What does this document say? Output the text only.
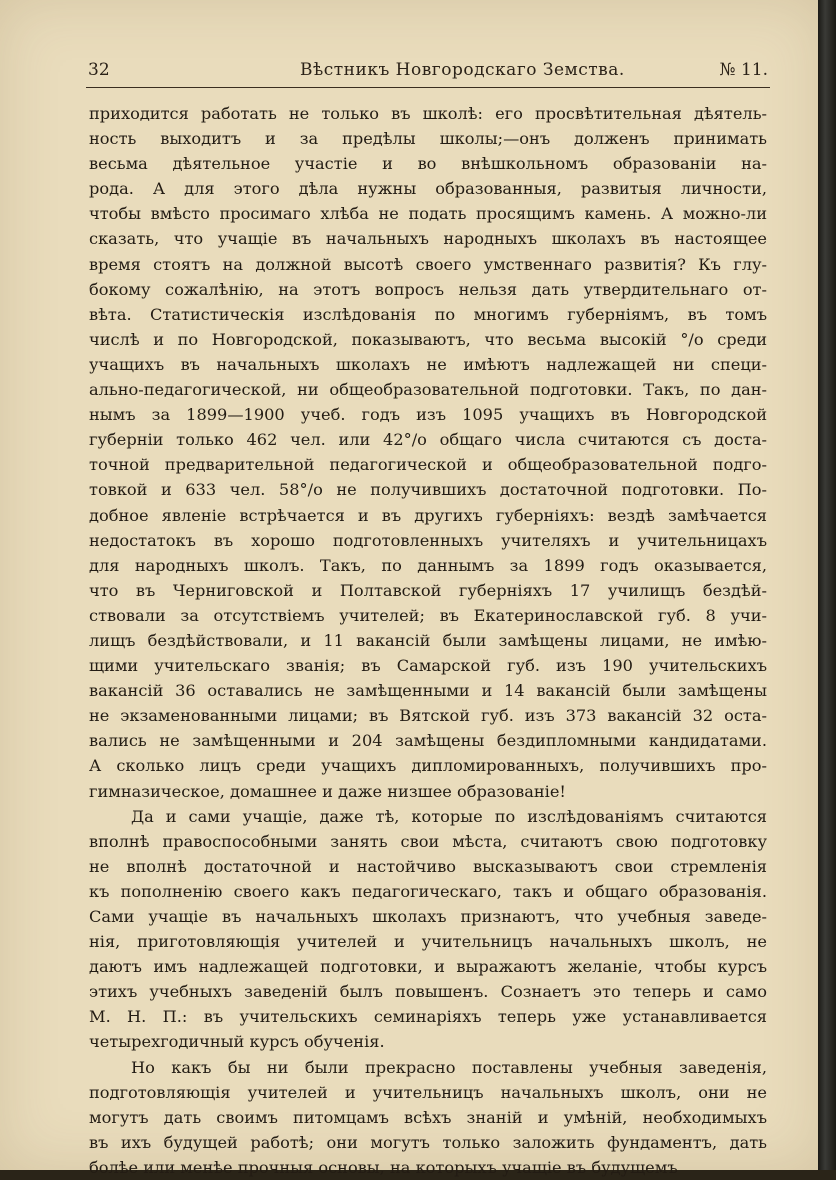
32	Вѣстникъ Новгородскаго Земства.	№ 11.
приходится работать не только въ школѣ: его просвѣтительная дѣятель-
ность выходитъ и за предѣлы школы;—онъ долженъ принимать
весьма дѣятельное участіе и во внѣшкольномъ образованіи на-
рода. А для этого дѣла нужны образованныя, развитыя личности,
чтобы вмѣсто просимаго хлѣба не подать просящимъ камень. А можно-ли
сказать, что учащіе въ начальныхъ народныхъ школахъ въ настоящее
время стоятъ на должной высотѣ своего умственнаго развитія? Къ глу-
бокому сожалѣнію, на этотъ вопросъ нельзя дать утвердительнаго от-
вѣта. Статистическія изслѣдованія по многимъ губерніямъ, въ томъ
числѣ и по Новгородской, показываютъ, что весьма высокій °/о среди
учащихъ въ начальныхъ школахъ не имѣютъ надлежащей ни специ-
ально-педагогической, ни общеобразовательной подготовки. Такъ, по дан-
нымъ за 1899—1900 учеб. годъ изъ 1095 учащихъ въ Новгородской
губерніи только 462 чел. или 42°/о общаго числа считаются съ доста-
точной предварительной педагогической и общеобразовательной подго-
товкой и 633 чел. 58°/о не получившихъ достаточной подготовки. По-
добное явленіе встрѣчается и въ другихъ губерніяхъ: вездѣ замѣчается
недостатокъ въ хорошо подготовленныхъ учителяхъ и учительницахъ
для народныхъ школъ. Такъ, по даннымъ за 1899 годъ оказывается,
что въ Черниговской и Полтавской губерніяхъ 17 училищъ бездѣй-
ствовали за отсутствіемъ учителей; въ Екатеринославской губ. 8 учи-
лищъ бездѣйствовали, и 11 вакансій были замѣщены лицами, не имѣю-
щими учительскаго званія; въ Самарской губ. изъ 190 учительскихъ
вакансій 36 оставались не замѣщенными и 14 вакансій были замѣщены
не экзаменованными лицами; въ Вятской губ. изъ 373 вакансій 32 оста-
вались не замѣщенными и 204 замѣщены бездипломными кандидатами.
А сколько лицъ среди учащихъ дипломированныхъ, получившихъ про-
гимназическое, домашнее и даже низшее образованіе!
Да и сами учащіе, даже тѣ, которые по изслѣдованіямъ считаются
вполнѣ правоспособными занять свои мѣста, считаютъ свою подготовку
не вполнѣ достаточной и настойчиво высказываютъ свои стремленія
къ пополненію своего какъ педагогическаго, такъ и общаго образованія.
Сами учащіе въ начальныхъ школахъ признаютъ, что учебныя заведе-
нія, приготовляющія учителей и учительницъ начальныхъ школъ, не
даютъ имъ надлежащей подготовки, и выражаютъ желаніе, чтобы курсъ
этихъ учебныхъ заведеній былъ повышенъ. Сознаетъ это теперь и само
М. Н. П.: въ учительскихъ семинаріяхъ теперь уже устанавливается
четырехгодичный курсъ обученія.
Но какъ бы ни были прекрасно поставлены учебныя заведенія,
подготовляющія учителей и учительницъ начальныхъ школъ, они не
могутъ дать своимъ питомцамъ всѣхъ знаній и умѣній, необходимыхъ
въ ихъ будущей работѣ; они могутъ только заложить фундаментъ, дать
болѣе или менѣе прочныя основы, на которыхъ учащіе въ будущемъ
